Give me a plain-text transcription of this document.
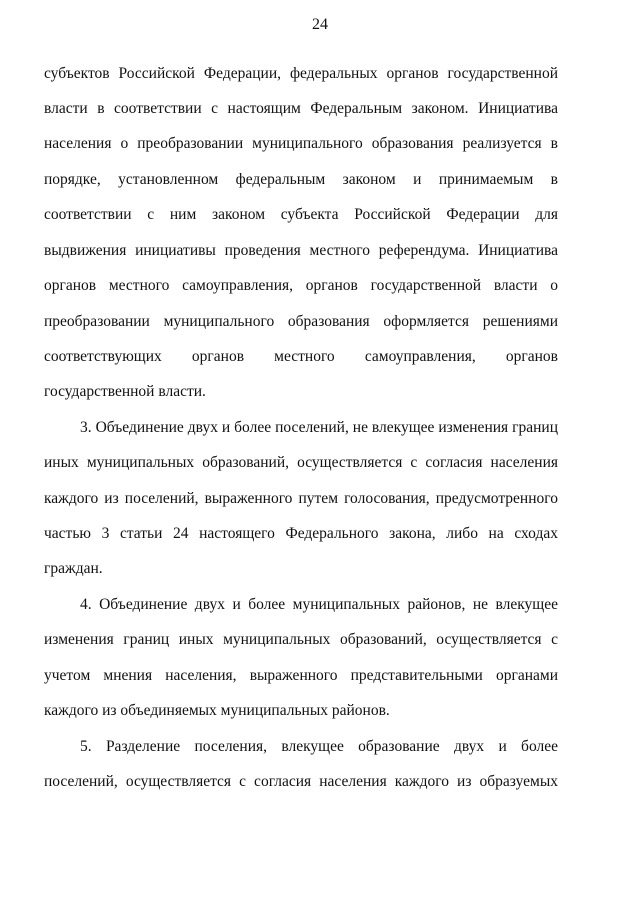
24
субъектов Российской Федерации, федеральных органов государственной
власти в соответствии с настоящим Федеральным законом. Инициатива
населения о преобразовании муниципального образования реализуется в
порядке, установленном федеральным законом и принимаемым в
соответствии с ним законом субъекта Российской Федерации для
выдвижения инициативы проведения местного референдума. Инициатива
органов местного самоуправления, органов государственной власти о
преобразовании муниципального образования оформляется решениями
соответствующих органов местного самоуправления, органов
государственной власти.
3. Объединение двух и более поселений, не влекущее изменения границ
иных муниципальных образований, осуществляется с согласия населения
каждого из поселений, выраженного путем голосования, предусмотренного
частью 3 статьи 24 настоящего Федерального закона, либо на сходах
граждан.
4. Объединение двух и более муниципальных районов, не влекущее
изменения границ иных муниципальных образований, осуществляется с
учетом мнения населения, выраженного представительными органами
каждого из объединяемых муниципальных районов.
5. Разделение поселения, влекущее образование двух и более
поселений, осуществляется с согласия населения каждого из образуемых
